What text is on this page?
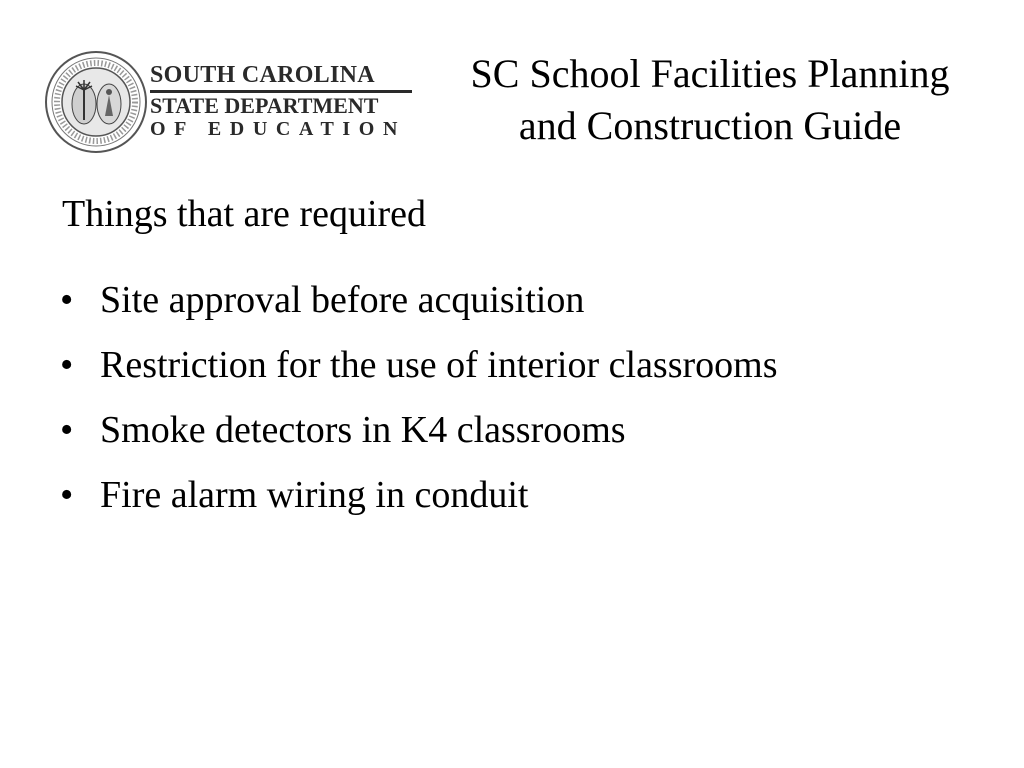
SOUTH CAROLINA
STATE DEPARTMENT
OF EDUCATION
SC School Facilities Planning
and Construction Guide
Things that are required
• Site approval before acquisition
• Restriction for the use of interior classrooms
• Smoke detectors in K4 classrooms
• Fire alarm wiring in conduit
